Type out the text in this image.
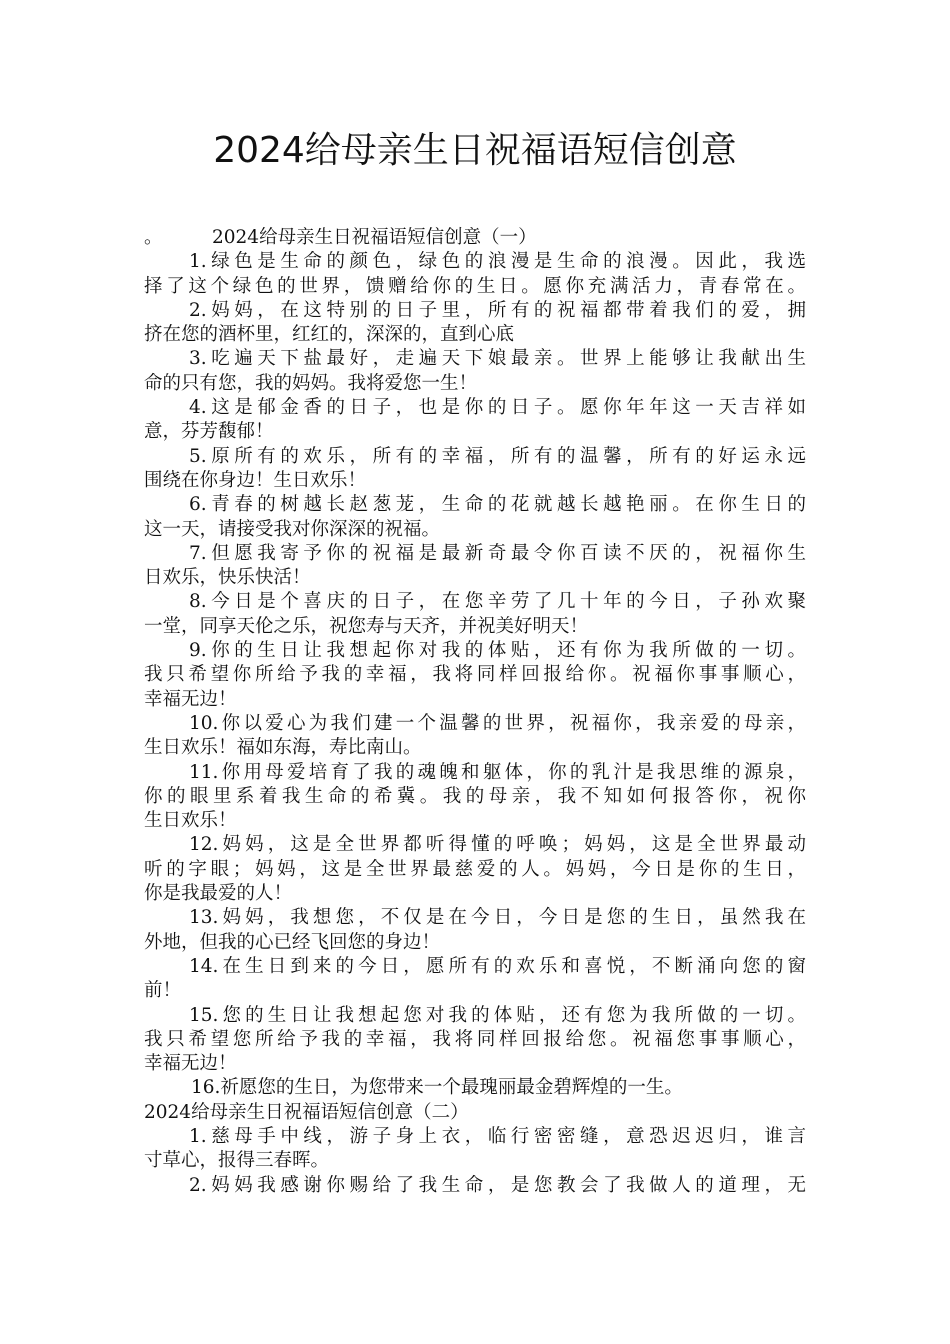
2024给母亲生日祝福语短信创意
。	2024给母亲生日祝福语短信创意（一）
1.绿色是生命的颜色，绿色的浪漫是生命的浪漫。因此，我选
择了这个绿色的世界，馈赠给你的生日。愿你充满活力，青春常在。
2.妈妈，在这特别的日子里，所有的祝福都带着我们的爱，拥
挤在您的酒杯里，红红的，深深的，直到心底
3.吃遍天下盐最好，走遍天下娘最亲。世界上能够让我献出生
命的只有您，我的妈妈。我将爱您一生！
4.这是郁金香的日子，也是你的日子。愿你年年这一天吉祥如
意，芬芳馥郁！
5.原所有的欢乐，所有的幸福，所有的温馨，所有的好运永远
围绕在你身边！生日欢乐！
6.青春的树越长赵葱茏，生命的花就越长越艳丽。在你生日的
这一天，请接受我对你深深的祝福。
7.但愿我寄予你的祝福是最新奇最令你百读不厌的，祝福你生
日欢乐，快乐快活！
8.今日是个喜庆的日子，在您辛劳了几十年的今日，子孙欢聚
一堂，同享天伦之乐，祝您寿与天齐，并祝美好明天！
9.你的生日让我想起你对我的体贴，还有你为我所做的一切。
我只希望你所给予我的幸福，我将同样回报给你。祝福你事事顺心，
幸福无边！
10.你以爱心为我们建一个温馨的世界，祝福你，我亲爱的母亲，
生日欢乐！福如东海，寿比南山。
11.你用母爱培育了我的魂魄和躯体，你的乳汁是我思维的源泉，
你的眼里系着我生命的希冀。我的母亲，我不知如何报答你，祝你
生日欢乐！
12.妈妈，这是全世界都听得懂的呼唤；妈妈，这是全世界最动
听的字眼；妈妈，这是全世界最慈爱的人。妈妈，今日是你的生日，
你是我最爱的人！
13.妈妈，我想您，不仅是在今日，今日是您的生日，虽然我在
外地，但我的心已经飞回您的身边！
14.在生日到来的今日，愿所有的欢乐和喜悦，不断涌向您的窗
前！
15.您的生日让我想起您对我的体贴，还有您为我所做的一切。
我只希望您所给予我的幸福，我将同样回报给您。祝福您事事顺心，
幸福无边！
16.祈愿您的生日，为您带来一个最瑰丽最金碧辉煌的一生。
2024给母亲生日祝福语短信创意（二）
1.慈母手中线，游子身上衣，临行密密缝，意恐迟迟归，谁言
寸草心，报得三春晖。
2.妈妈我感谢你赐给了我生命，是您教会了我做人的道理，无
